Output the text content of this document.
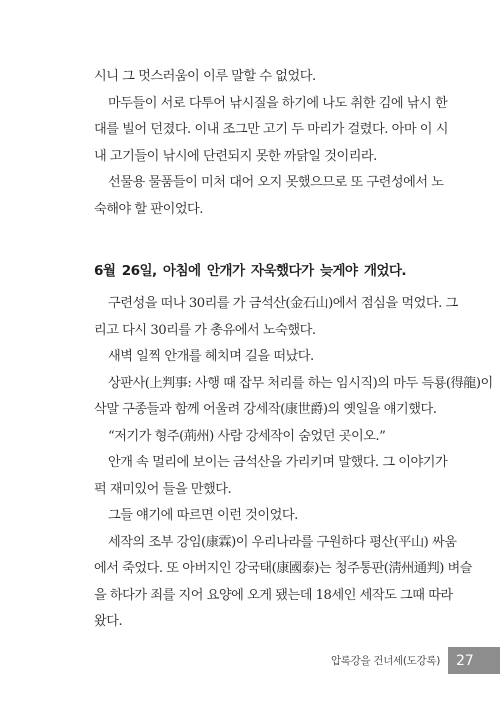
시니 그 멋스러움이 이루 말할 수 없었다.
마두들이 서로 다투어 낚시질을 하기에 나도 취한 김에 낚시 한
대를 빌어 던졌다. 이내 조그만 고기 두 마리가 걸렸다. 아마 이 시
내 고기들이 낚시에 단련되지 못한 까닭일 것이리라.
선물용 물품들이 미처 대어 오지 못했으므로 또 구련성에서 노
숙해야 할 판이었다.
6월 26일, 아침에 안개가 자욱했다가 늦게야 개었다.
구련성을 떠나 30리를 가 금석산(金石山)에서 점심을 먹었다. 그
리고 다시 30리를 가 총유에서 노숙했다.
새벽 일찍 안개를 헤치며 길을 떠났다.
상판사(上判事: 사행 때 잡무 처리를 하는 임시직)의 마두 득룡(得龍)이
삭말 구종들과 함께 어울려 강세작(康世爵)의 옛일을 얘기했다.
“저기가 형주(荊州) 사람 강세작이 숨었던 곳이오.”
안개 속 멀리에 보이는 금석산을 가리키며 말했다. 그 이야기가
퍽 재미있어 들을 만했다.
그들 얘기에 따르면 이런 것이었다.
세작의 조부 강임(康霖)이 우리나라를 구원하다 평산(平山) 싸움
에서 죽었다. 또 아버지인 강국태(康國泰)는 청주통판(淸州通判) 벼슬
을 하다가 죄를 지어 요양에 오게 됐는데 18세인 세작도 그때 따라
왔다.
압록강을 건너세(도강록)	27
